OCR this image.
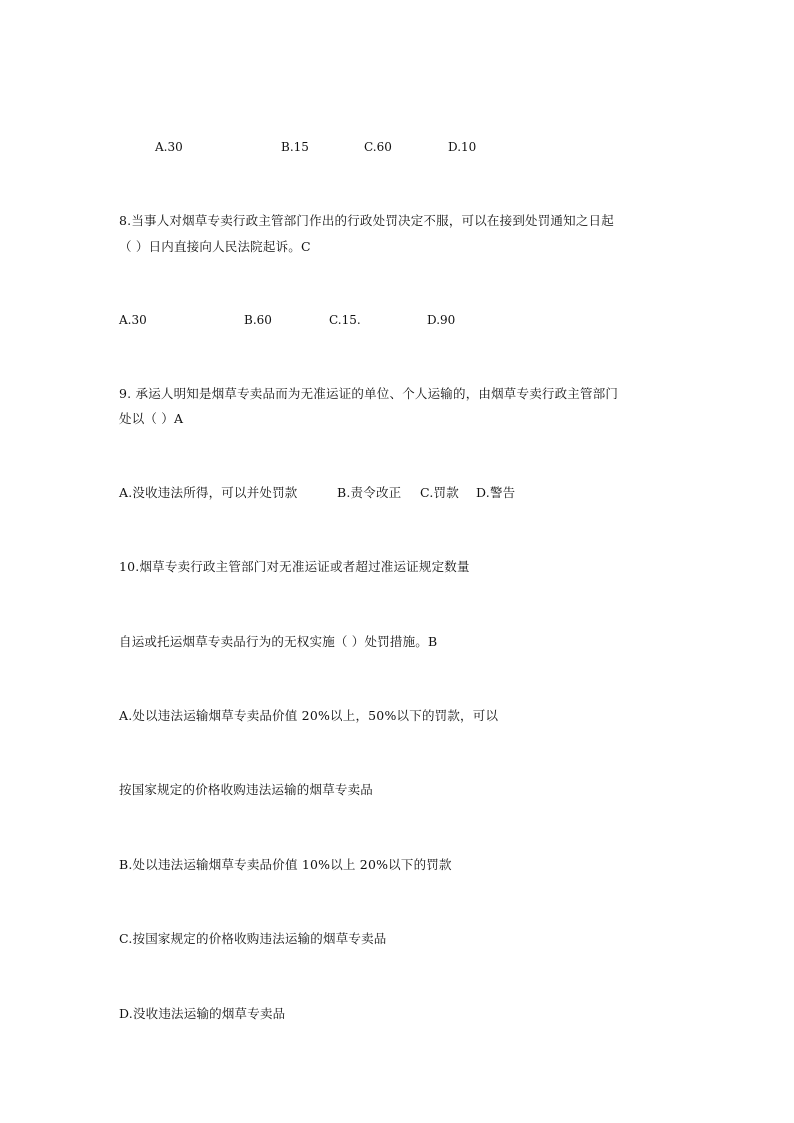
A.30	B.15	C.60	D.10
8.当事人对烟草专卖行政主管部门作出的行政处罚决定不服，可以在接到处罚通知之日起
（ ）日内直接向人民法院起诉。C
A.30	B.60	C.15.	D.90
9. 承运人明知是烟草专卖品而为无准运证的单位、个人运输的，由烟草专卖行政主管部门
处以（ ）A
A.没收违法所得，可以并处罚款	B.责令改正 C.罚款 D.警告
10.烟草专卖行政主管部门对无准运证或者超过准运证规定数量
自运或托运烟草专卖品行为的无权实施（ ）处罚措施。B
A.处以违法运输烟草专卖品价值 20%以上，50%以下的罚款，可以
按国家规定的价格收购违法运输的烟草专卖品
B.处以违法运输烟草专卖品价值 10%以上 20%以下的罚款
C.按国家规定的价格收购违法运输的烟草专卖品
D.没收违法运输的烟草专卖品
